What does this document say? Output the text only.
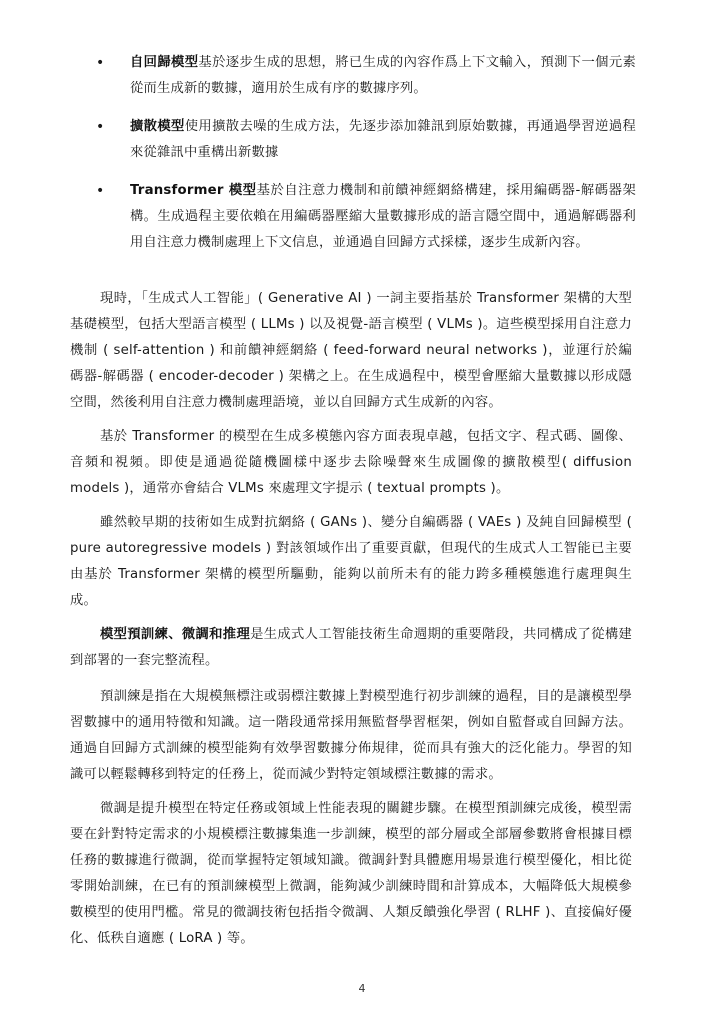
• 自回歸模型基於逐步生成的思想，將已生成的內容作爲上下文輸入，預測下一個元素從而生成新的數據，適用於生成有序的數據序列。
• 擴散模型使用擴散去噪的生成方法，先逐步添加雜訊到原始數據，再通過學習逆過程來從雜訊中重構出新數據
• Transformer 模型基於自注意力機制和前饋神經網絡構建，採用編碼器-解碼器架構。生成過程主要依賴在用編碼器壓縮大量數據形成的語言隱空間中，通過解碼器利用自注意力機制處理上下文信息，並通過自回歸方式採樣，逐步生成新內容。

現時，「生成式人工智能」( Generative AI ) 一詞主要指基於 Transformer 架構的大型基礎模型，包括大型語言模型 ( LLMs ) 以及視覺-語言模型 ( VLMs )。這些模型採用自注意力機制 ( self-attention ) 和前饋神經網絡 ( feed-forward neural networks )，並運行於編碼器-解碼器 ( encoder-decoder ) 架構之上。在生成過程中，模型會壓縮大量數據以形成隱空間，然後利用自注意力機制處理語境，並以自回歸方式生成新的內容。

基於 Transformer 的模型在生成多模態內容方面表現卓越，包括文字、程式碼、圖像、音頻和視頻。即使是通過從隨機圖樣中逐步去除噪聲來生成圖像的擴散模型( diffusion models )，通常亦會結合 VLMs 來處理文字提示 ( textual prompts )。

雖然較早期的技術如生成對抗網絡 ( GANs )、變分自編碼器 ( VAEs ) 及純自回歸模型 ( pure autoregressive models ) 對該領域作出了重要貢獻，但現代的生成式人工智能已主要由基於 Transformer 架構的模型所驅動，能夠以前所未有的能力跨多種模態進行處理與生成。

模型預訓練、微調和推理是生成式人工智能技術生命週期的重要階段，共同構成了從構建到部署的一套完整流程。

預訓練是指在大規模無標注或弱標注數據上對模型進行初步訓練的過程，目的是讓模型學習數據中的通用特徵和知識。這一階段通常採用無監督學習框架，例如自監督或自回歸方法。通過自回歸方式訓練的模型能夠有效學習數據分佈規律，從而具有強大的泛化能力。學習的知識可以輕鬆轉移到特定的任務上，從而減少對特定領域標注數據的需求。

微調是提升模型在特定任務或領域上性能表現的關鍵步驟。在模型預訓練完成後，模型需要在針對特定需求的小規模標注數據集進一步訓練，模型的部分層或全部層參數將會根據目標任務的數據進行微調，從而掌握特定領域知識。微調針對具體應用場景進行模型優化，相比從零開始訓練，在已有的預訓練模型上微調，能夠減少訓練時間和計算成本，大幅降低大規模參數模型的使用門檻。常見的微調技術包括指令微調、人類反饋強化學習 ( RLHF )、直接偏好優化、低秩自適應 ( LoRA ) 等。

4
